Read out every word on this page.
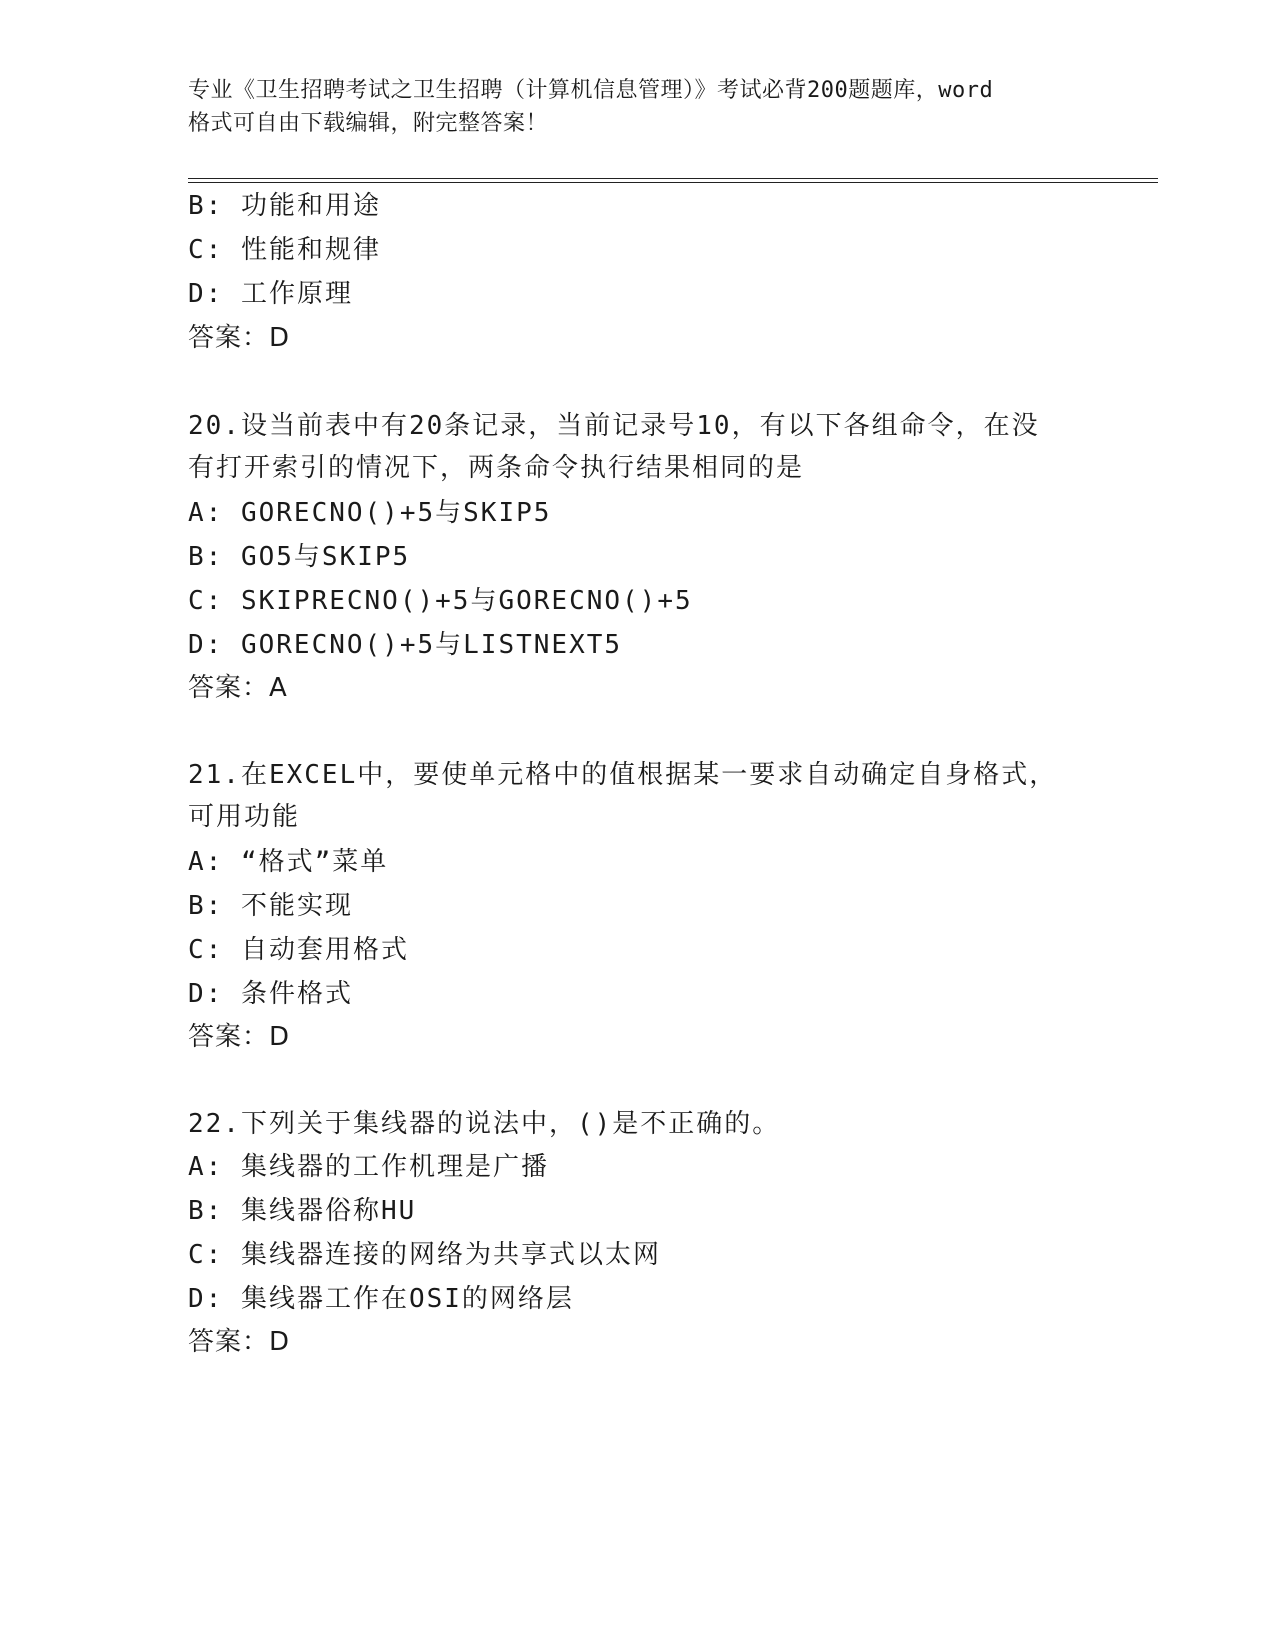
专业《卫生招聘考试之卫生招聘（计算机信息管理）》考试必背200题题库，word
格式可自由下载编辑，附完整答案！
B: 功能和用途
C: 性能和规律
D: 工作原理
答案：D
20.设当前表中有20条记录，当前记录号10，有以下各组命令，在没
有打开索引的情况下，两条命令执行结果相同的是
A: GORECNO()+5与SKIP5
B: GO5与SKIP5
C: SKIPRECNO()+5与GORECNO()+5
D: GORECNO()+5与LISTNEXT5
答案：A
21.在EXCEL中，要使单元格中的值根据某一要求自动确定自身格式，
可用功能
A: “格式”菜单
B: 不能实现
C: 自动套用格式
D: 条件格式
答案：D
22.下列关于集线器的说法中，()是不正确的。
A: 集线器的工作机理是广播
B: 集线器俗称HU
C: 集线器连接的网络为共享式以太网
D: 集线器工作在OSI的网络层
答案：D
